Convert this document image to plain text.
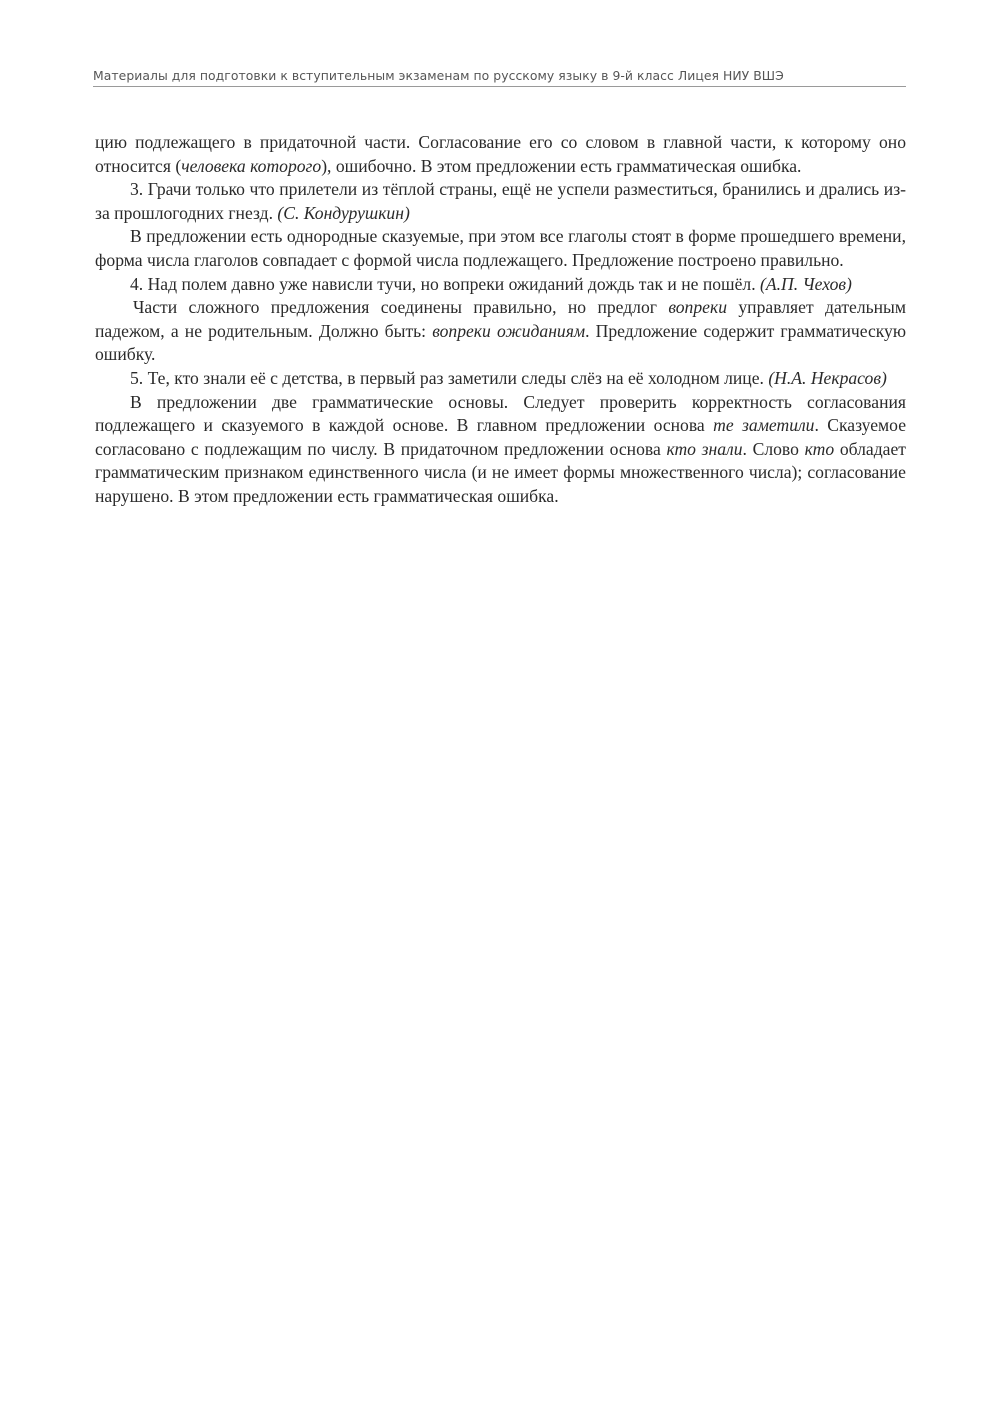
Материалы для подготовки к вступительным экзаменам по русскому языку в 9-й класс Лицея НИУ ВШЭ

цию подлежащего в придаточной части. Согласование его со словом в главной части, к которому оно относится (человека которого), ошибочно. В этом предложении есть грамматическая ошибка.

3. Грачи только что прилетели из тёплой страны, ещё не успели разместиться, бранились и дрались из-за прошлогодних гнезд. (С. Кондурушкин)

В предложении есть однородные сказуемые, при этом все глаголы стоят в форме прошедшего времени, форма числа глаголов совпадает с формой числа подлежащего. Предложение построено правильно.

4. Над полем давно уже нависли тучи, но вопреки ожиданий дождь так и не пошёл. (А.П. Чехов)

Части сложного предложения соединены правильно, но предлог вопреки управляет дательным падежом, а не родительным. Должно быть: вопреки ожиданиям. Предложение содержит грамматическую ошибку.

5. Те, кто знали её с детства, в первый раз заметили следы слёз на её холодном лице. (Н.А. Некрасов)

В предложении две грамматические основы. Следует проверить корректность согласования подлежащего и сказуемого в каждой основе. В главном предложении основа те заметили. Сказуемое согласовано с подлежащим по числу. В придаточном предложении основа кто знали. Слово кто обладает грамматическим признаком единственного числа (и не имеет формы множественного числа); согласование нарушено. В этом предложении есть грамматическая ошибка.
